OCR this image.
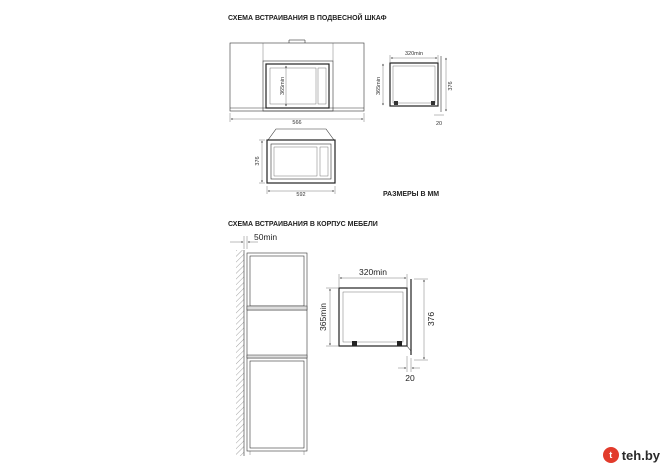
СХЕМА ВСТРАИВАНИЯ В ПОДВЕСНОЙ ШКАФ
365min
566
320min
365min	376
20
376
592	РАЗМЕРЫ В ММ
СХЕМА ВСТРАИВАНИЯ В КОРПУС МЕБЕЛИ
50min
320min
365min	376
20
t teh.by
